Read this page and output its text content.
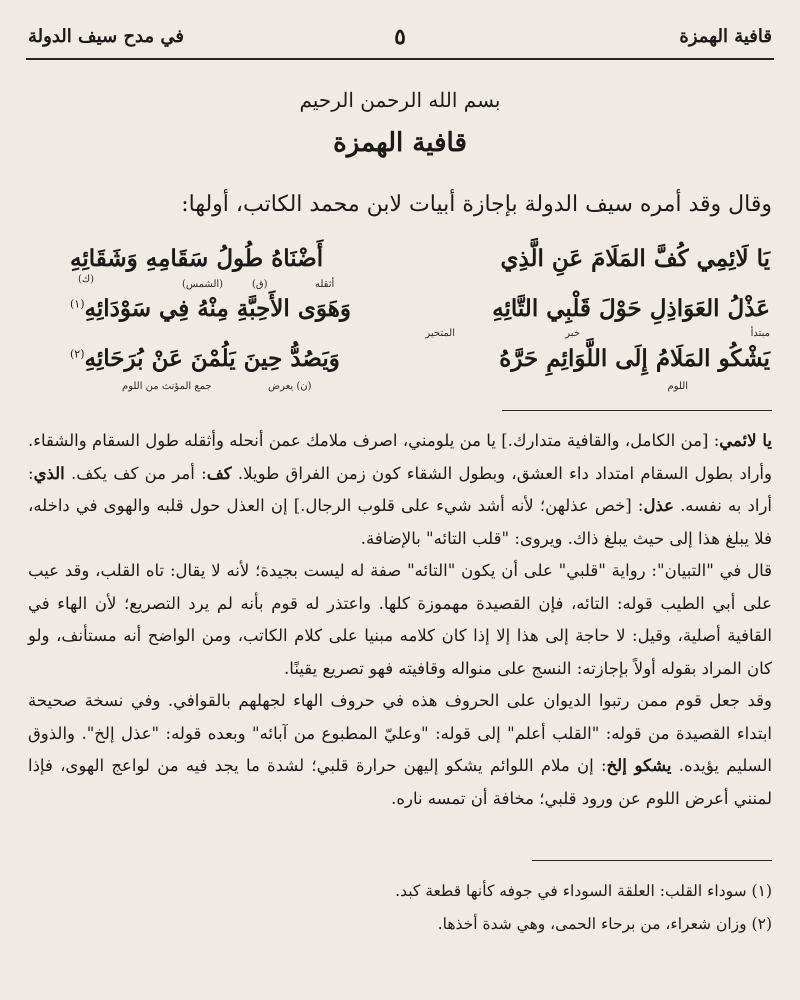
قافية الهمزة
٥
في مدح سيف الدولة
بسم الله الرحمن الرحيم
قافية الهمزة
وقال وقد أمره سيف الدولة بإجازة أبيات لابن محمد الكاتب، أولها:
يَا لَائِمِي كُفَّ المَلَامَ عَنِ الَّذِي
أَضْنَاهُ طُولُ سَقَامِهِ وَشَقَائِهِ
أثقله
(ق)
(الشمس)
(ك)
عَذْلُ العَوَاذِلِ حَوْلَ قَلْبِي التَّائِهِ
وَهَوَى الأَحِبَّةِ مِنْهُ فِي سَوْدَائِهِ$^{(١)}$
مبتدأ
خبر
المتحير
يَشْكُو المَلَامُ إِلَى اللَّوَائِمِ حَرَّهُ
وَيَصُدُّ حِينَ يَلُمْنَ عَنْ بُرَحَائِهِ$^{(٢)}$
اللوم
(ن) يعرض
جمع المؤنث من اللوم

يا لائمي: [من الكامل، والقافية متدارك.] يا من يلومني، اصرف ملامك عمن أنحله وأثقله طول السقام والشقاء. وأراد بطول السقام امتداد داء العشق، وبطول الشقاء كون زمن الفراق طويلا. كف: أمر من كف يكف. الذي: أراد به نفسه. عذل: [خص عذلهن؛ لأنه أشد شيء على قلوب الرجال.] إن العذل حول قلبه والهوى في داخله، فلا يبلغ هذا إلى حيث يبلغ ذاك. ويروى: "قلب التائه" بالإضافة.

قال في "التبيان": رواية "قلبي" على أن يكون "التائه" صفة له ليست بجيدة؛ لأنه لا يقال: تاه القلب، وقد عيب على أبي الطيب قوله: التائه، فإن القصيدة مهموزة كلها. واعتذر له قوم بأنه لم يرد التصريع؛ لأن الهاء في القافية أصلية، وقيل: لا حاجة إلى هذا إلا إذا كان كلامه مبنيا على كلام الكاتب، ومن الواضح أنه مستأنف، ولو كان المراد بقوله أولاً بإجازته: النسج على منواله وقافيته فهو تصريع يقينًا.

وقد جعل قوم ممن رتبوا الديوان على الحروف هذه في حروف الهاء لجهلهم بالقوافي. وفي نسخة صحيحة ابتداء القصيدة من قوله: "القلب أعلم" إلى قوله: "وعليّ المطبوع من آبائه" وبعده قوله: "عذل إلخ". والذوق السليم يؤيده. يشكو إلخ: إن ملام اللوائم يشكو إليهن حرارة قلبي؛ لشدة ما يجد فيه من لواعج الهوى، فإذا لمنني أعرض اللوم عن ورود قلبي؛ مخافة أن تمسه ناره.

(١) سوداء القلب: العلقة السوداء في جوفه كأنها قطعة كبد.

(٢) وزان شعراء، من برحاء الحمى، وهي شدة أخذها.
